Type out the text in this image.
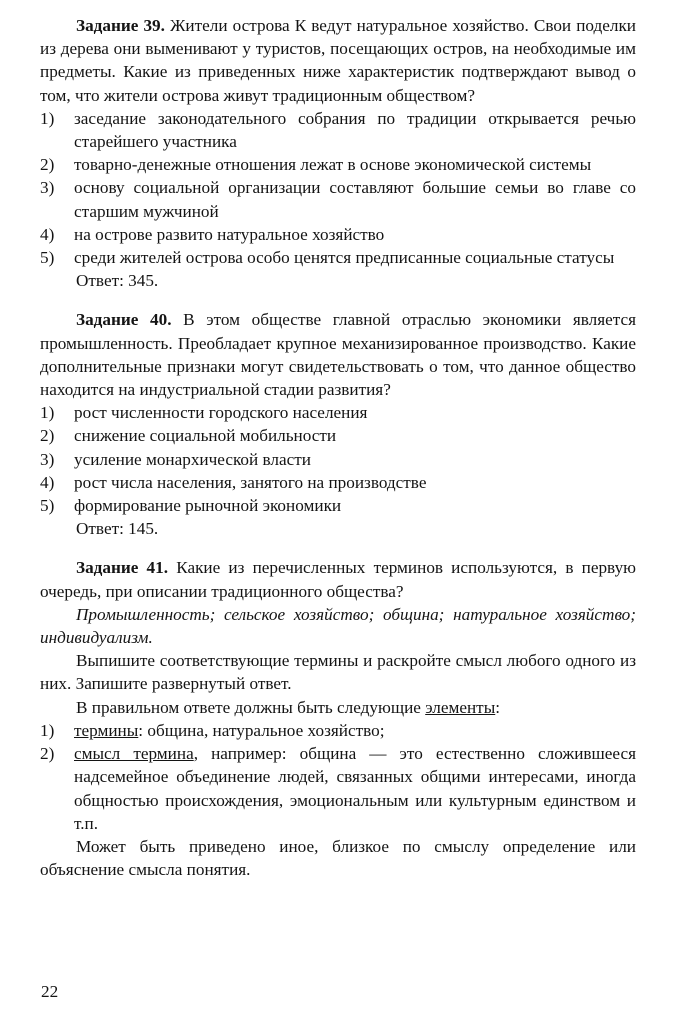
Задание 39. Жители острова К ведут натуральное хозяйство. Свои поделки из дерева они выменивают у туристов, посещающих остров, на необходимые им предметы. Какие из приведенных ниже характеристик подтверждают вывод о том, что жители острова живут традиционным обществом?

1) заседание законодательного собрания по традиции открывается речью старейшего участника
2) товарно-денежные отношения лежат в основе экономической системы
3) основу социальной организации составляют большие семьи во главе со старшим мужчиной
4) на острове развито натуральное хозяйство
5) среди жителей острова особо ценятся предписанные социальные статусы
Ответ: 345.

Задание 40. В этом обществе главной отраслью экономики является промышленность. Преобладает крупное механизированное производство. Какие дополнительные признаки могут свидетельствовать о том, что данное общество находится на индустриальной стадии развития?

1) рост численности городского населения
2) снижение социальной мобильности
3) усиление монархической власти
4) рост числа населения, занятого на производстве
5) формирование рыночной экономики
Ответ: 145.

Задание 41. Какие из перечисленных терминов используются, в первую очередь, при описании традиционного общества?

Промышленность; сельское хозяйство; община; натуральное хозяйство; индивидуализм.

Выпишите соответствующие термины и раскройте смысл любого одного из них. Запишите развернутый ответ.

В правильном ответе должны быть следующие элементы:

1) термины: община, натуральное хозяйство;
2) смысл термина, например: община — это естественно сложившееся надсемейное объединение людей, связанных общими интересами, иногда общностью происхождения, эмоциональным или культурным единством и т.п.

Может быть приведено иное, близкое по смыслу определение или объяснение смысла понятия.

22
